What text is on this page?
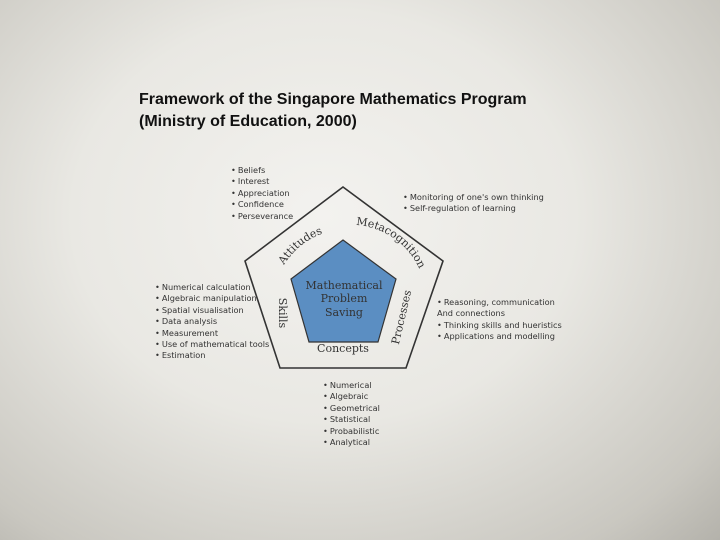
Framework of the Singapore Mathematics Program
(Ministry of Education, 2000)
Mathematical
Problem
Saving
Attitudes
Metacognition
Processes
Concepts
Skills
• Beliefs
• Interest
• Appreciation
• Confidence
• Perseverance
• Monitoring of one's own thinking
• Self-regulation of learning
• Numerical calculation
• Algebraic manipulation
• Spatial visualisation
• Data analysis
• Measurement
• Use of mathematical tools
• Estimation
• Reasoning, communication
And connections
• Thinking skills and hueristics
• Applications and modelling
• Numerical
• Algebraic
• Geometrical
• Statistical
• Probabilistic
• Analytical
